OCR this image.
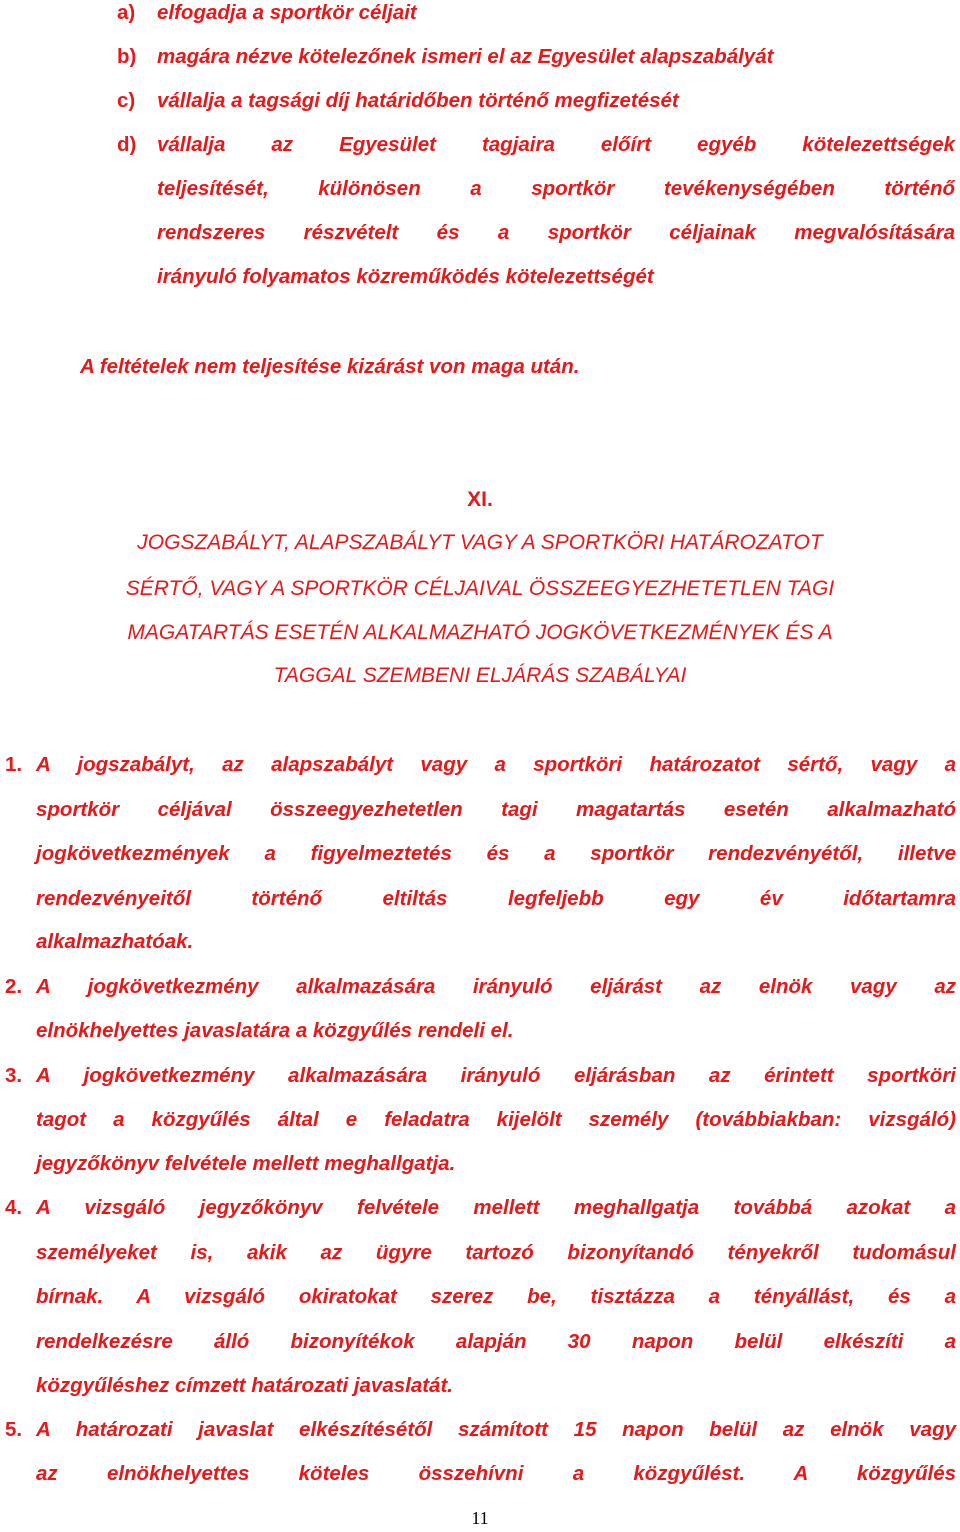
a)	elfogadja a sportkör céljait
b)	magára nézve kötelezőnek ismeri el az Egyesület alapszabályát
c)	vállalja a tagsági díj határidőben történő megfizetését
d)	vállalja az Egyesület tagjaira előírt egyéb kötelezettségek
teljesítését, különösen a sportkör tevékenységében történő
rendszeres részvételt és a sportkör céljainak megvalósítására
irányuló folyamatos közreműködés kötelezettségét
A feltételek nem teljesítése kizárást von maga után.
XI.
JOGSZABÁLYT, ALAPSZABÁLYT VAGY A SPORTKÖRI HATÁROZATOT
SÉRTŐ, VAGY A SPORTKÖR CÉLJAIVAL ÖSSZEEGYEZHETETLEN TAGI
MAGATARTÁS ESETÉN ALKALMAZHATÓ JOGKÖVETKEZMÉNYEK ÉS A
TAGGAL SZEMBENI ELJÁRÁS SZABÁLYAI
1. A jogszabályt, az alapszabályt vagy a sportköri határozatot sértő, vagy a
sportkör céljával összeegyezhetetlen tagi magatartás esetén alkalmazható
jogkövetkezmények a figyelmeztetés és a sportkör rendezvényétől, illetve
rendezvényeitől történő eltiltás legfeljebb egy év időtartamra
alkalmazhatóak.
2. A jogkövetkezmény alkalmazására irányuló eljárást az elnök vagy az
elnökhelyettes javaslatára a közgyűlés rendeli el.
3. A jogkövetkezmény alkalmazására irányuló eljárásban az érintett sportköri
tagot a közgyűlés által e feladatra kijelölt személy (továbbiakban: vizsgáló)
jegyzőkönyv felvétele mellett meghallgatja.
4. A vizsgáló jegyzőkönyv felvétele mellett meghallgatja továbbá azokat a
személyeket is, akik az ügyre tartozó bizonyítandó tényekről tudomásul
bírnak. A vizsgáló okiratokat szerez be, tisztázza a tényállást, és a
rendelkezésre álló bizonyítékok alapján 30 napon belül elkészíti a
közgyűléshez címzett határozati javaslatát.
5. A határozati javaslat elkészítésétől számított 15 napon belül az elnök vagy
az elnökhelyettes köteles összehívni a közgyűlést. A közgyűlés
11
